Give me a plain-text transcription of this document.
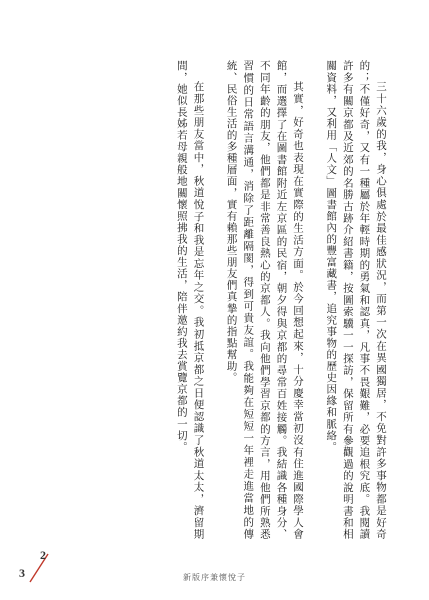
三十六歲的我，身心俱處於最佳感狀況，而第一次在異國獨居，不免對許多事物都是好奇的；不僅好奇，又有一種屬於年輕時期的勇氣和認真，凡事不畏艱難，必要追根究底。我閱讀許多有關京都及近郊的名勝古跡介紹書籍，按圖索驥一一探訪，保留所有參觀過的說明書和相關資料，又利用「人文」圖書館內的豐富藏書，追究事物的歷史因緣和脈絡。

其實，好奇也表現在實際的生活方面。於今回想起來，十分慶幸當初沒有住進國際學人會館，而選擇了在圖書館附近左京區的民宿，朝夕得與京都的尋常百姓接觸。我結識各種身分、不同年齡的朋友，他們都是非常善良熱心的京都人。我向他們學習京都的方言，用他們所熟悉習慣的日常語言溝通，消除了距離隔閡，得到可貴友誼。我能夠在短短一年裡走進當地的傳統、民俗生活的多種層面，實有賴那些朋友們真摯的指點幫助。

在那些朋友當中，秋道悅子和我是忘年之交。我初抵京都之日便認識了秋道太太，濟留期間，她似長姊若母親般地關懷照拂我的生活，陪伴邀約我去賞覽京都的一切。

3
2
新版序兼懷悅子
